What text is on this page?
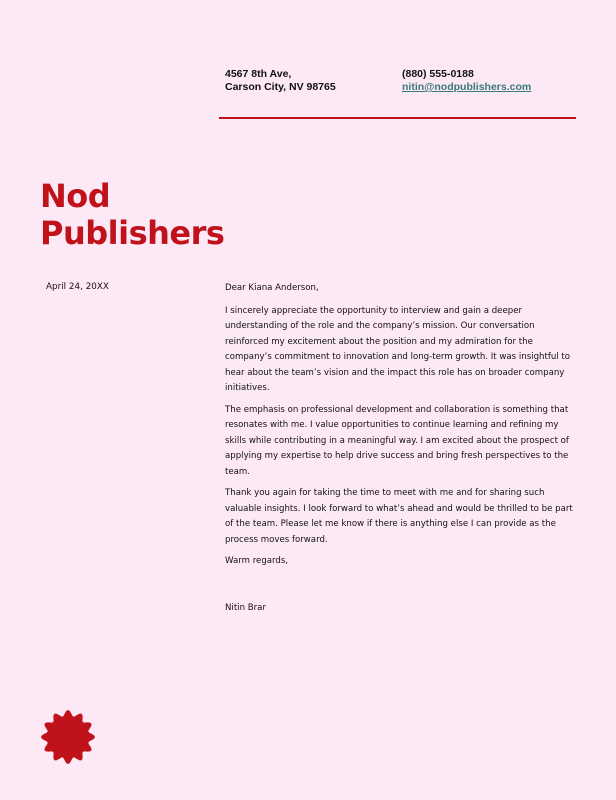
4567 8th Ave,
Carson City, NV 98765
(880) 555-0188
nitin@nodpublishers.com
Nod
Publishers
April 24, 20XX	Dear Kiana Anderson,

I sincerely appreciate the opportunity to interview and gain a deeper understanding of the role and the company’s mission. Our conversation reinforced my excitement about the position and my admiration for the company’s commitment to innovation and long-term growth. It was insightful to hear about the team’s vision and the impact this role has on broader company initiatives.

The emphasis on professional development and collaboration is something that resonates with me. I value opportunities to continue learning and refining my skills while contributing in a meaningful way. I am excited about the prospect of applying my expertise to help drive success and bring fresh perspectives to the team.

Thank you again for taking the time to meet with me and for sharing such valuable insights. I look forward to what’s ahead and would be thrilled to be part of the team. Please let me know if there is anything else I can provide as the process moves forward.

Warm regards,

Nitin Brar
